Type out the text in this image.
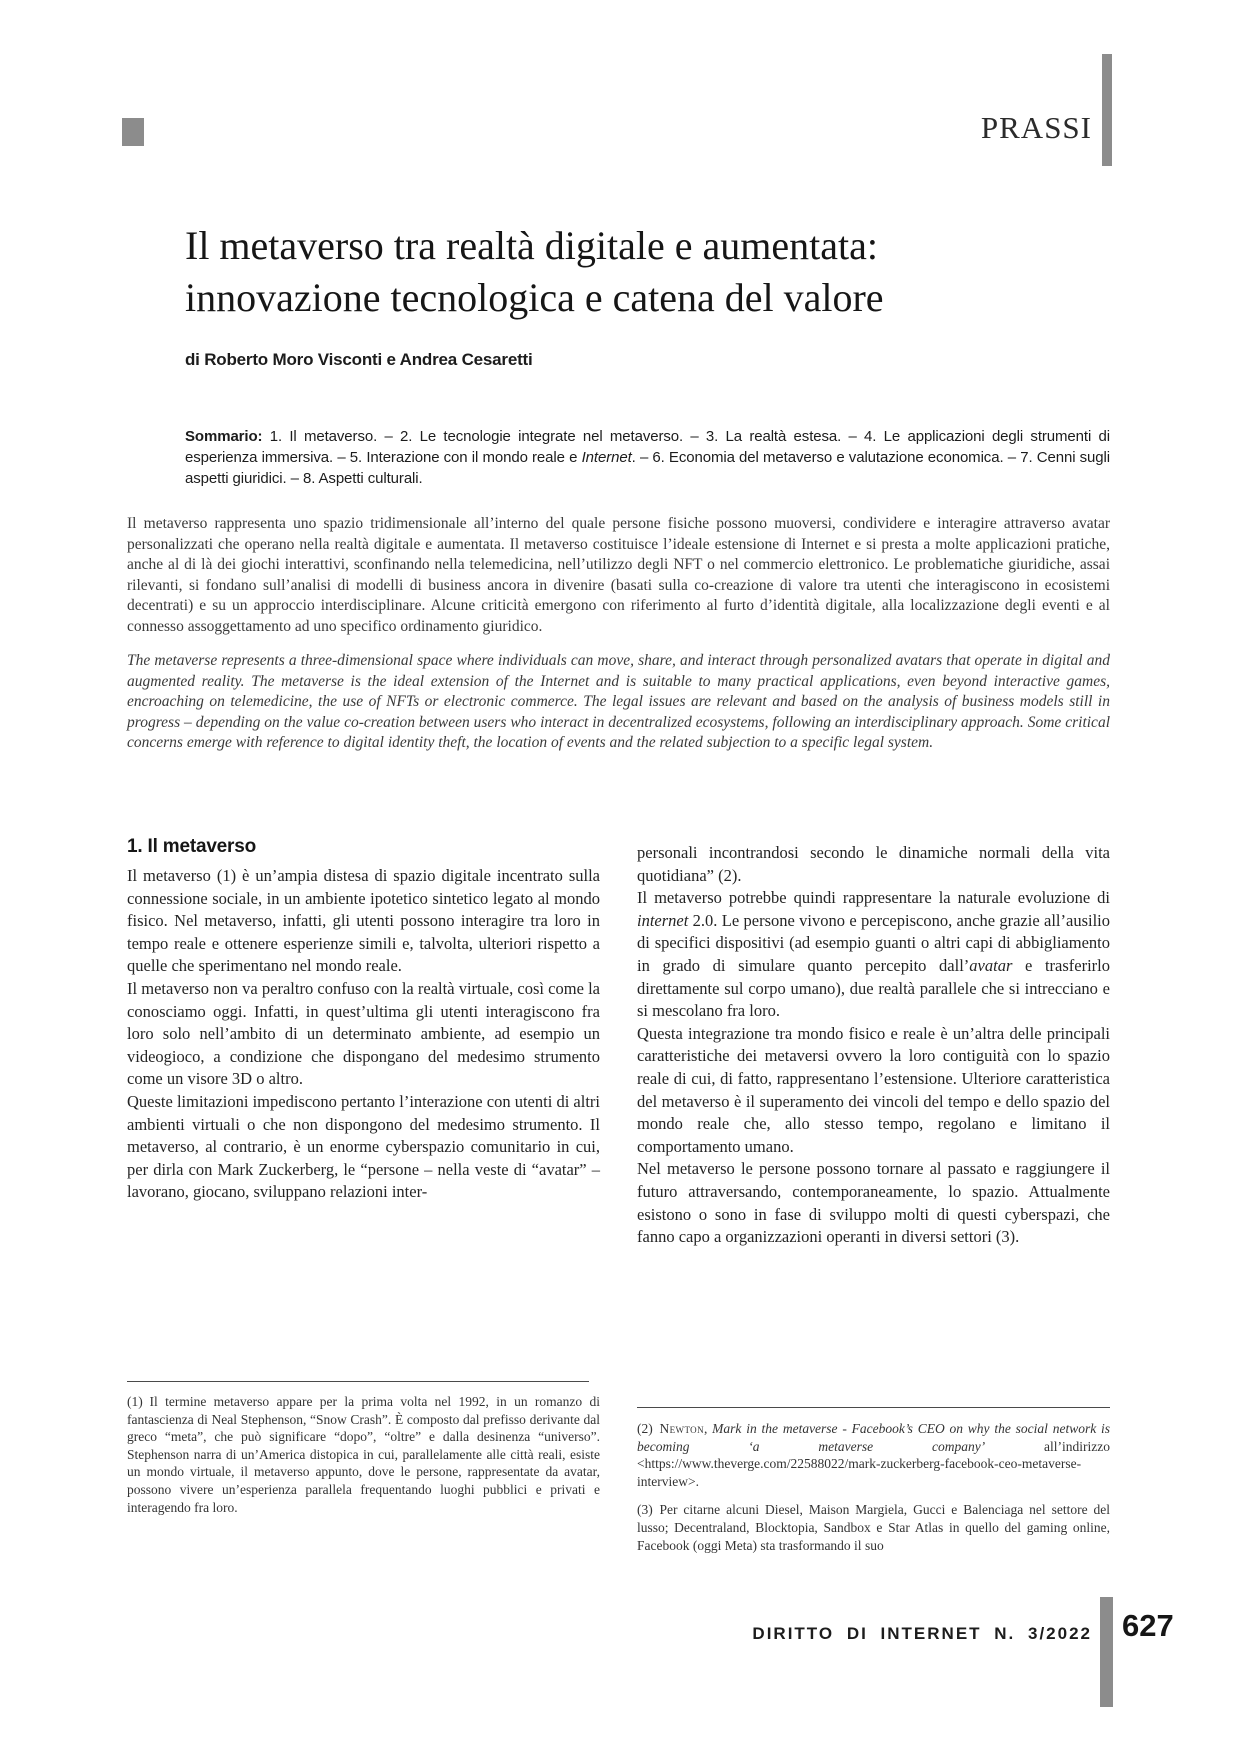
PRASSI
Il metaverso tra realtà digitale e aumentata:
innovazione tecnologica e catena del valore
di Roberto Moro Visconti e Andrea Cesaretti
Sommario: 1. Il metaverso. – 2. Le tecnologie integrate nel metaverso. – 3. La realtà estesa. – 4. Le applicazioni degli strumenti di esperienza immersiva. – 5. Interazione con il mondo reale e Internet. – 6. Economia del metaverso e valutazione economica. – 7. Cenni sugli aspetti giuridici. – 8. Aspetti culturali.
Il metaverso rappresenta uno spazio tridimensionale all’interno del quale persone fisiche possono muoversi, condividere e interagire attraverso avatar personalizzati che operano nella realtà digitale e aumentata. Il metaverso costituisce l’ideale estensione di Internet e si presta a molte applicazioni pratiche, anche al di là dei giochi interattivi, sconfinando nella telemedicina, nell’utilizzo degli NFT o nel commercio elettronico. Le problematiche giuridiche, assai rilevanti, si fondano sull’analisi di modelli di business ancora in divenire (basati sulla co-creazione di valore tra utenti che interagiscono in ecosistemi decentrati) e su un approccio interdisciplinare. Alcune criticità emergono con riferimento al furto d’identità digitale, alla localizzazione degli eventi e al connesso assoggettamento ad uno specifico ordinamento giuridico.
The metaverse represents a three-dimensional space where individuals can move, share, and interact through personalized avatars that operate in digital and augmented reality. The metaverse is the ideal extension of the Internet and is suitable to many practical applications, even beyond interactive games, encroaching on telemedicine, the use of NFTs or electronic commerce. The legal issues are relevant and based on the analysis of business models still in progress – depending on the value co-creation between users who interact in decentralized ecosystems, following an interdisciplinary approach. Some critical concerns emerge with reference to digital identity theft, the location of events and the related subjection to a specific legal system.
1. Il metaverso

Il metaverso (1) è un’ampia distesa di spazio digitale incentrato sulla connessione sociale, in un ambiente ipotetico sintetico legato al mondo fisico. Nel metaverso, infatti, gli utenti possono interagire tra loro in tempo reale e ottenere esperienze simili e, talvolta, ulteriori rispetto a quelle che sperimentano nel mondo reale.

Il metaverso non va peraltro confuso con la realtà virtuale, così come la conosciamo oggi. Infatti, in quest’ultima gli utenti interagiscono fra loro solo nell’ambito di un determinato ambiente, ad esempio un videogioco, a condizione che dispongano del medesimo strumento come un visore 3D o altro.

Queste limitazioni impediscono pertanto l’interazione con utenti di altri ambienti virtuali o che non dispongono del medesimo strumento. Il metaverso, al contrario, è un enorme cyberspazio comunitario in cui, per dirla con Mark Zuckerberg, le “persone – nella veste di “avatar” – lavorano, giocano, sviluppano relazioni inter-

personali incontrandosi secondo le dinamiche normali della vita quotidiana” (2).

Il metaverso potrebbe quindi rappresentare la naturale evoluzione di internet 2.0. Le persone vivono e percepiscono, anche grazie all’ausilio di specifici dispositivi (ad esempio guanti o altri capi di abbigliamento in grado di simulare quanto percepito dall’avatar e trasferirlo direttamente sul corpo umano), due realtà parallele che si intrecciano e si mescolano fra loro.

Questa integrazione tra mondo fisico e reale è un’altra delle principali caratteristiche dei metaversi ovvero la loro contiguità con lo spazio reale di cui, di fatto, rappresentano l’estensione. Ulteriore caratteristica del metaverso è il superamento dei vincoli del tempo e dello spazio del mondo reale che, allo stesso tempo, regolano e limitano il comportamento umano.

Nel metaverso le persone possono tornare al passato e raggiungere il futuro attraversando, contemporaneamente, lo spazio. Attualmente esistono o sono in fase di sviluppo molti di questi cyberspazi, che fanno capo a organizzazioni operanti in diversi settori (3).

(1) Il termine metaverso appare per la prima volta nel 1992, in un romanzo di fantascienza di Neal Stephenson, “Snow Crash”. È composto dal prefisso derivante dal greco “meta”, che può significare “dopo”, “oltre” e dalla desinenza “universo”. Stephenson narra di un’America distopica in cui, parallelamente alle città reali, esiste un mondo virtuale, il metaverso appunto, dove le persone, rappresentate da avatar, possono vivere un’esperienza parallela frequentando luoghi pubblici e privati e interagendo fra loro.

(2) Newton, Mark in the metaverse - Facebook’s CEO on why the social network is becoming ‘a metaverse company’ all’indirizzo <https://www.theverge.com/22588022/mark-zuckerberg-facebook-ceo-metaverse-interview>.

(3) Per citarne alcuni Diesel, Maison Margiela, Gucci e Balenciaga nel settore del lusso; Decentraland, Blocktopia, Sandbox e Star Atlas in quello del gaming online, Facebook (oggi Meta) sta trasformando il suo

DIRITTO DI INTERNET N. 3/2022 627
